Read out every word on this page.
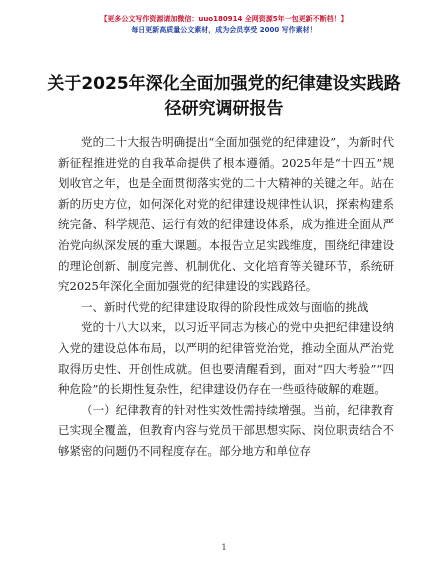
【更多公文写作资源请加微信：uuo180914 全网资源5年一包更新不断档！】
每日更新高质量公文素材，成为会员享受 2000 写作素材！
关于2025年深化全面加强党的纪律建设实践路径研究调研报告

党的二十大报告明确提出“全面加强党的纪律建设”，为新时代新征程推进党的自我革命提供了根本遵循。2025年是“十四五”规划收官之年，也是全面贯彻落实党的二十大精神的关键之年。站在新的历史方位，如何深化对党的纪律建设规律性认识，探索构建系统完备、科学规范、运行有效的纪律建设体系，成为推进全面从严治党向纵深发展的重大课题。本报告立足实践维度，围绕纪律建设的理论创新、制度完善、机制优化、文化培育等关键环节，系统研究2025年深化全面加强党的纪律建设的实践路径。

一、新时代党的纪律建设取得的阶段性成效与面临的挑战

党的十八大以来，以习近平同志为核心的党中央把纪律建设纳入党的建设总体布局，以严明的纪律管党治党，推动全面从严治党取得历史性、开创性成就。但也要清醒看到，面对“四大考验”“四种危险”的长期性复杂性，纪律建设仍存在一些亟待破解的难题。

（一）纪律教育的针对性实效性需持续增强。当前，纪律教育已实现全覆盖，但教育内容与党员干部思想实际、岗位职责结合不够紧密的问题仍不同程度存在。部分地方和单位存

1
